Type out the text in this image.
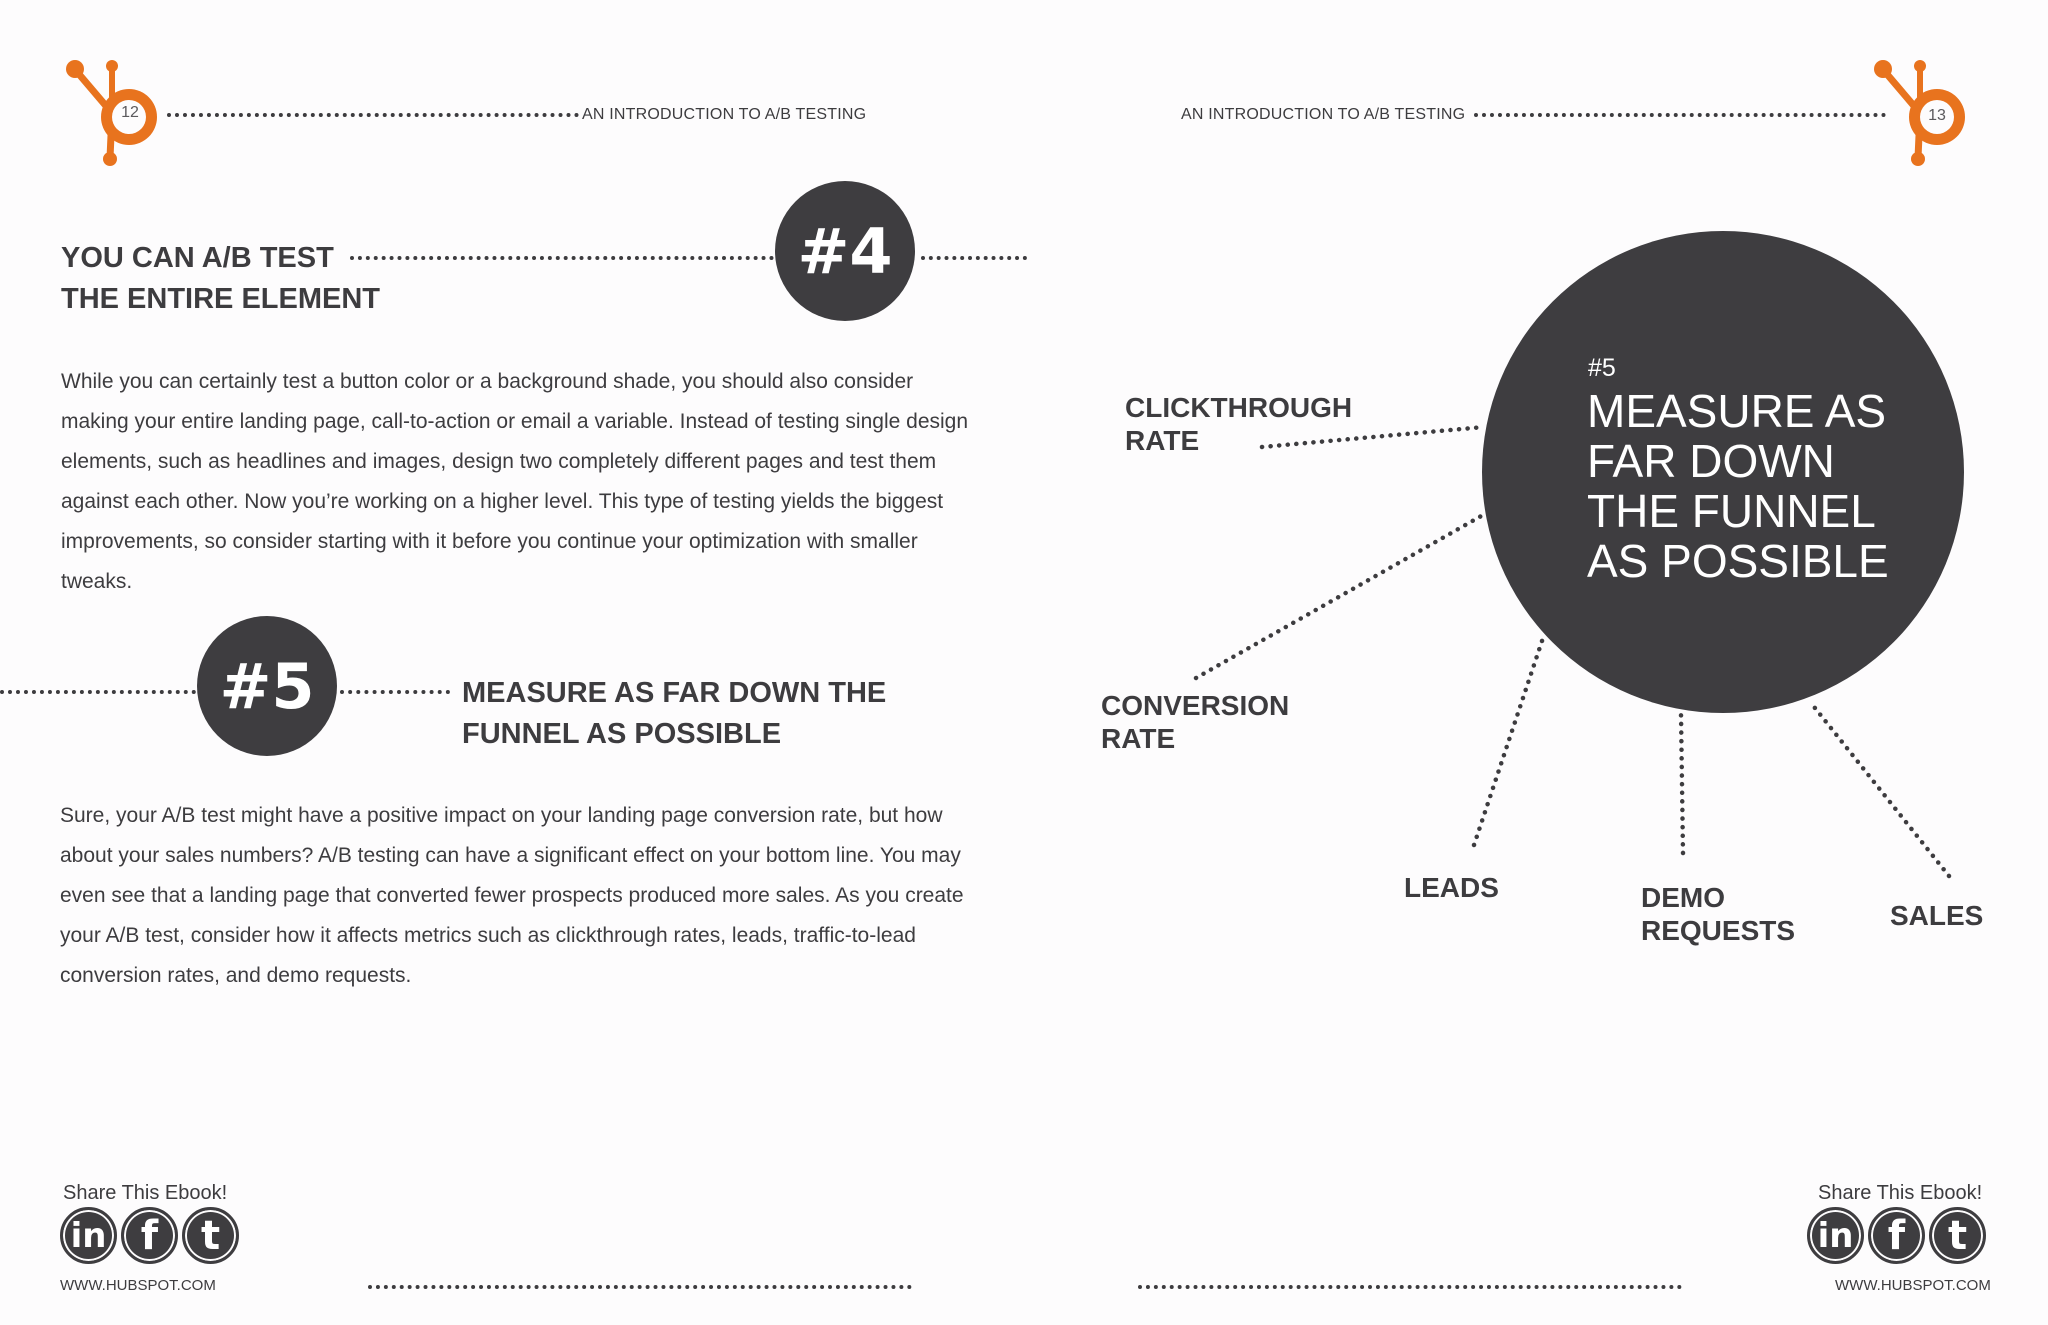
12	AN INTRODUCTION TO A/B TESTING
YOU CAN A/B TEST
THE ENTIRE ELEMENT
#4
While you can certainly test a button color or a background shade, you should also consider
making your entire landing page, call-to-action or email a variable. Instead of testing single design
elements, such as headlines and images, design two completely different pages and test them
against each other. Now you’re working on a higher level. This type of testing yields the biggest
improvements, so consider starting with it before you continue your optimization with smaller
tweaks.
#5	MEASURE AS FAR DOWN THE
FUNNEL AS POSSIBLE
Sure, your A/B test might have a positive impact on your landing page conversion rate, but how
about your sales numbers? A/B testing can have a significant effect on your bottom line. You may
even see that a landing page that converted fewer prospects produced more sales. As you create
your A/B test, consider how it affects metrics such as clickthrough rates, leads, traffic-to-lead
conversion rates, and demo requests.
Share This Ebook!
in f	t
WWW.HUBSPOT.COM
AN INTRODUCTION TO A/B TESTING	13
#5
MEASURE AS
FAR DOWN
THE FUNNEL
AS POSSIBLE
CLICKTHROUGH
RATE
CONVERSION
RATE
LEADS	DEMO
REQUESTS	SALES
Share This Ebook!
in f	t
WWW.HUBSPOT.COM
